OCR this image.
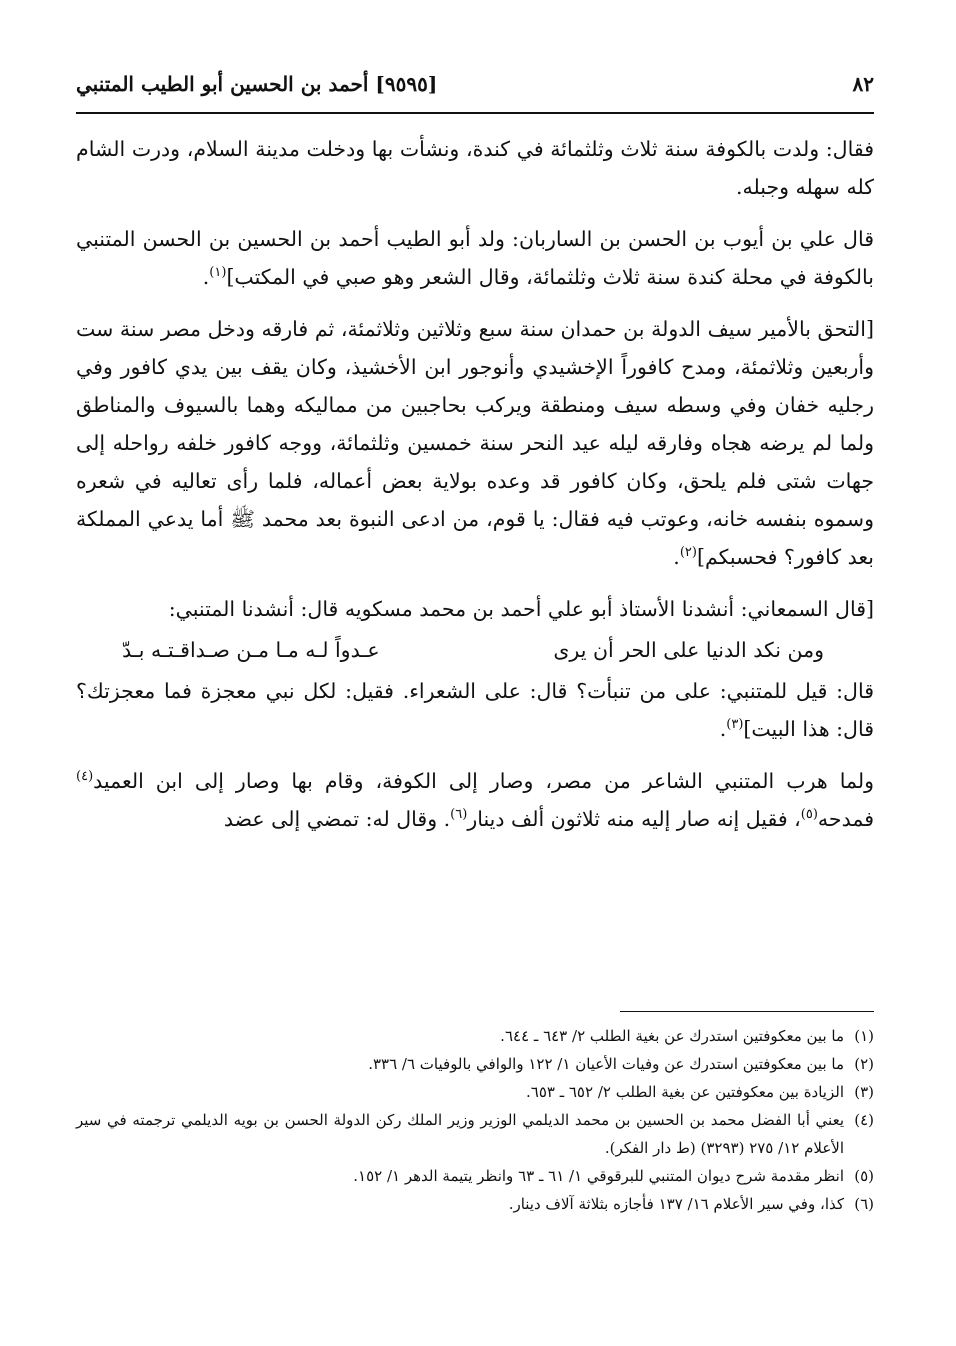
٨٢
[٩٥٩٥] أحمد بن الحسين أبو الطيب المتنبي

فقال: ولدت بالكوفة سنة ثلاث وثلثمائة في كندة، ونشأت بها ودخلت مدينة السلام، ودرت الشام كله سهله وجبله.

قال علي بن أيوب بن الحسن بن الساربان: ولد أبو الطيب أحمد بن الحسين بن الحسن المتنبي بالكوفة في محلة كندة سنة ثلاث وثلثمائة، وقال الشعر وهو صبي في المكتب]$^{(١)}$.

[التحق بالأمير سيف الدولة بن حمدان سنة سبع وثلاثين وثلاثمئة، ثم فارقه ودخل مصر سنة ست وأربعين وثلاثمئة، ومدح كافوراً الإخشيدي وأنوجور ابن الأخشيذ، وكان يقف بين يدي كافور وفي رجليه خفان وفي وسطه سيف ومنطقة ويركب بحاجبين من مماليكه وهما بالسيوف والمناطق ولما لم يرضه هجاه وفارقه ليله عيد النحر سنة خمسين وثلثمائة، ووجه كافور خلفه رواحله إلى جهات شتى فلم يلحق، وكان كافور قد وعده بولاية بعض أعماله، فلما رأى تعاليه في شعره وسموه بنفسه خانه، وعوتب فيه فقال: يا قوم، من ادعى النبوة بعد محمد ﷺ أما يدعي المملكة بعد كافور؟ فحسبكم]$^{(٢)}$.

[قال السمعاني: أنشدنا الأستاذ أبو علي أحمد بن محمد مسكويه قال: أنشدنا المتنبي:

ومن نكد الدنيا على الحر أن يرى
عـدواً لـه مـا مـن صـداقـتـه بـدّ

قال: قيل للمتنبي: على من تنبأت؟ قال: على الشعراء. فقيل: لكل نبي معجزة فما معجزتك؟ قال: هذا البيت]$^{(٣)}$.

ولما هرب المتنبي الشاعر من مصر، وصار إلى الكوفة، وقام بها وصار إلى ابن العميد$^{(٤)}$ فمدحه$^{(٥)}$، فقيل إنه صار إليه منه ثلاثون ألف دينار$^{(٦)}$. وقال له: تمضي إلى عضد

(١)
ما بين معكوفتين استدرك عن بغية الطلب ٢/ ٦٤٣ ـ ٦٤٤.
(٢)
ما بين معكوفتين استدرك عن وفيات الأعيان ١/ ١٢٢ والوافي بالوفيات ٦/ ٣٣٦.
(٣)
الزيادة بين معكوفتين عن بغية الطلب ٢/ ٦٥٢ ـ ٦٥٣.
(٤)
يعني أبا الفضل محمد بن الحسين بن محمد الديلمي الوزير وزير الملك ركن الدولة الحسن بن بويه الديلمي ترجمته في سير الأعلام ١٢/ ٢٧٥ (٣٢٩٣) (ط دار الفكر).
(٥)
انظر مقدمة شرح ديوان المتنبي للبرقوقي ١/ ٦١ ـ ٦٣ وانظر يتيمة الدهر ١/ ١٥٢.
(٦)
كذا، وفي سير الأعلام ١٦/ ١٣٧ فأجازه بثلاثة آلاف دينار.
